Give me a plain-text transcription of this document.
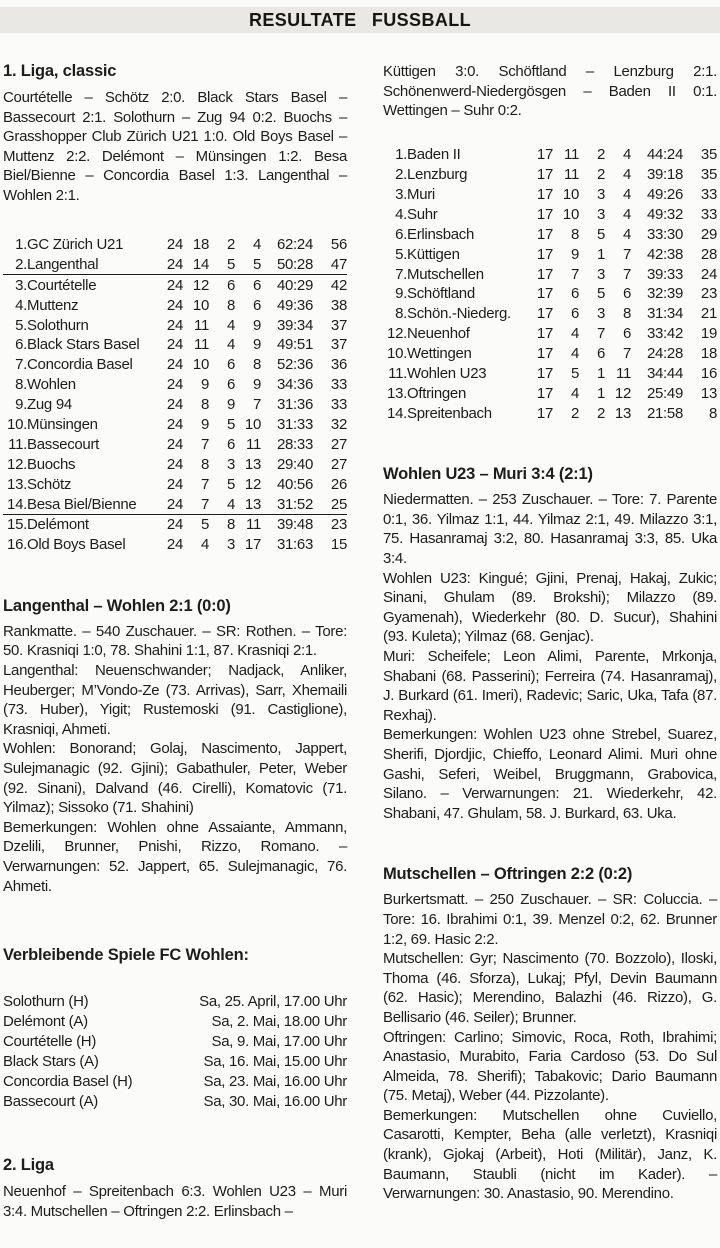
RESULTATE FUSSBALL
1. Liga, classic

Courtételle – Schötz 2:0. Black Stars Basel – Bassecourt 2:1. Solothurn – Zug 94 0:2. Buochs – Grasshopper Club Zürich U21 1:0. Old Boys Basel – Muttenz 2:2. Delémont – Münsingen 1:2. Besa Biel/Bienne – Concordia Basel 1:3. Langenthal – Wohlen 2:1.

1.	GC Zürich U21	24	18	2	4	62:24	56
2.	Langenthal	24	14	5	5	50:28	47
3.	Courtételle	24	12	6	6	40:29	42
4.	Muttenz	24	10	8	6	49:36	38
5.	Solothurn	24	11	4	9	39:34	37
6.	Black Stars Basel	24	11	4	9	49:51	37
7.	Concordia Basel	24	10	6	8	52:36	36
8.	Wohlen	24	9	6	9	34:36	33
9.	Zug 94	24	8	9	7	31:36	33
10.	Münsingen	24	9	5	10	31:33	32
11.	Bassecourt	24	7	6	11	28:33	27
12.	Buochs	24	8	3	13	29:40	27
13.	Schötz	24	7	5	12	40:56	26
14.	Besa Biel/Bienne	24	7	4	13	31:52	25
15.	Delémont	24	5	8	11	39:48	23
16.	Old Boys Basel	24	4	3	17	31:63	15
Langenthal – Wohlen 2:1 (0:0)

Rankmatte. – 540 Zuschauer. – SR: Rothen. – Tore: 50. Krasniqi 1:0, 78. Shahini 1:1, 87. Krasniqi 2:1.

Langenthal: Neuenschwander; Nadjack, Anliker, Heuberger; M’Vondo-Ze (73. Arrivas), Sarr, Xhemaili (73. Huber), Yigit; Rustemoski (91. Castiglione), Krasniqi, Ahmeti.

Wohlen: Bonorand; Golaj, Nascimento, Jappert, Sulejmanagic (92. Gjini); Gabathuler, Peter, Weber (92. Sinani), Dalvand (46. Cirelli), Komatovic (71. Yilmaz); Sissoko (71. Shahini)

Bemerkungen: Wohlen ohne Assaiante, Ammann, Dzelili, Brunner, Pnishi, Rizzo, Romano. – Verwarnungen: 52. Jappert, 65. Sulejmanagic, 76. Ahmeti.

Verbleibende Spiele FC Wohlen:
Solothurn (H)	Sa, 25. April, 17.00 Uhr
Delémont (A)	Sa, 2. Mai, 18.00 Uhr
Courtételle (H)	Sa, 9. Mai, 17.00 Uhr
Black Stars (A)	Sa, 16. Mai, 15.00 Uhr
Concordia Basel (H)	Sa, 23. Mai, 16.00 Uhr
Bassecourt (A)	Sa, 30. Mai, 16.00 Uhr
2. Liga

Neuenhof – Spreitenbach 6:3. Wohlen U23 – Muri 3:4. Mutschellen – Oftringen 2:2. Erlinsbach –

Küttigen 3:0. Schöftland – Lenzburg 2:1. Schönenwerd-Niedergösgen – Baden II 0:1. Wettingen – Suhr 0:2.

1.	Baden II	17	11	2	4	44:24	35
2.	Lenzburg	17	11	2	4	39:18	35
3.	Muri	17	10	3	4	49:26	33
4.	Suhr	17	10	3	4	49:32	33
6.	Erlinsbach	17	8	5	4	33:30	29
5.	Küttigen	17	9	1	7	42:38	28
7.	Mutschellen	17	7	3	7	39:33	24
9.	Schöftland	17	6	5	6	32:39	23
8.	Schön.-Niederg.	17	6	3	8	31:34	21
12.	Neuenhof	17	4	7	6	33:42	19
10.	Wettingen	17	4	6	7	24:28	18
11.	Wohlen U23	17	5	1	11	34:44	16
13.	Oftringen	17	4	1	12	25:49	13
14.	Spreitenbach	17	2	2	13	21:58	8
Wohlen U23 – Muri 3:4 (2:1)

Niedermatten. – 253 Zuschauer. – Tore: 7. Parente 0:1, 36. Yilmaz 1:1, 44. Yilmaz 2:1, 49. Milazzo 3:1, 75. Hasanramaj 3:2, 80. Hasanramaj 3:3, 85. Uka 3:4.

Wohlen U23: Kingué; Gjini, Prenaj, Hakaj, Zukic; Sinani, Ghulam (89. Brokshi); Milazzo (89. Gyamenah), Wiederkehr (80. D. Sucur), Shahini (93. Kuleta); Yilmaz (68. Genjac).

Muri: Scheifele; Leon Alimi, Parente, Mrkonja, Shabani (68. Passerini); Ferreira (74. Hasanramaj), J. Burkard (61. Imeri), Radevic; Saric, Uka, Tafa (87. Rexhaj).

Bemerkungen: Wohlen U23 ohne Strebel, Suarez, Sherifi, Djordjic, Chieffo, Leonard Alimi. Muri ohne Gashi, Seferi, Weibel, Bruggmann, Grabovica, Silano. – Verwarnungen: 21. Wiederkehr, 42. Shabani, 47. Ghulam, 58. J. Burkard, 63. Uka.

Mutschellen – Oftringen 2:2 (0:2)

Burkertsmatt. – 250 Zuschauer. – SR: Coluccia. – Tore: 16. Ibrahimi 0:1, 39. Menzel 0:2, 62. Brunner 1:2, 69. Hasic 2:2.

Mutschellen: Gyr; Nascimento (70. Bozzolo), Iloski, Thoma (46. Sforza), Lukaj; Pfyl, Devin Baumann (62. Hasic); Merendino, Balazhi (46. Rizzo), G. Bellisario (46. Seiler); Brunner.

Oftringen: Carlino; Simovic, Roca, Roth, Ibrahimi; Anastasio, Murabito, Faria Cardoso (53. Do Sul Almeida, 78. Sherifi); Tabakovic; Dario Baumann (75. Metaj), Weber (44. Pizzolante).

Bemerkungen: Mutschellen ohne Cuviello, Casarotti, Kempter, Beha (alle verletzt), Krasniqi (krank), Gjokaj (Arbeit), Hoti (Militär), Janz, K. Baumann, Staubli (nicht im Kader). – Verwarnungen: 30. Anastasio, 90. Merendino.
